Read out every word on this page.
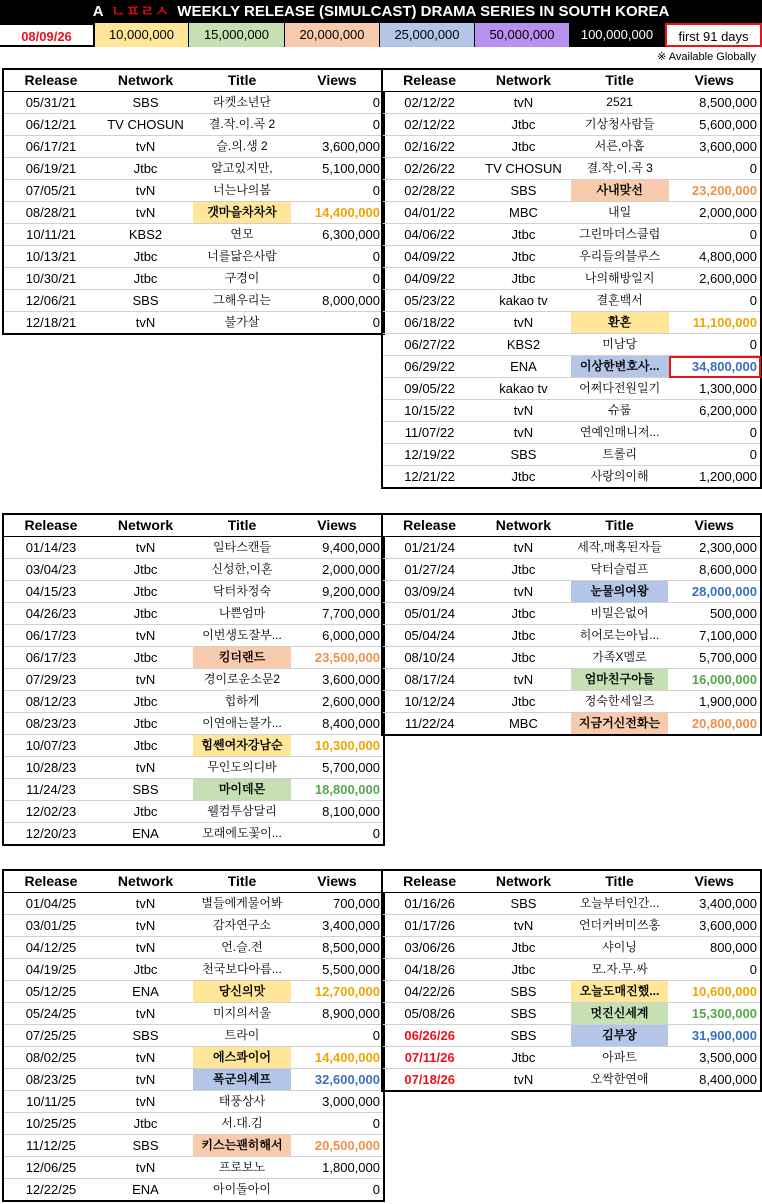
A ㄴㅍㄹㅅ WEEKLY RELEASE (SIMULCAST) DRAMA SERIES IN SOUTH KOREA
08/09/26	10,000,000	15,000,000	20,000,000	25,000,000	50,000,000	100,000,000	first 91 days
※ Available Globally
Release	Network	Title	Views
05/31/21	SBS	라켓소년단	0
06/12/21	TV CHOSUN	결.작.이.곡 2	0
06/17/21	tvN	슬.의.생 2	3,600,000
06/19/21	Jtbc	알고있지만,	5,100,000
07/05/21	tvN	너는나의봄	0
08/28/21	tvN	갯마을차차차	14,400,000
10/11/21	KBS2	연모	6,300,000
10/13/21	Jtbc	너를닮은사람	0
10/30/21	Jtbc	구경이	0
12/06/21	SBS	그해우리는	8,000,000
12/18/21	tvN	불가살	0
Release	Network	Title	Views
02/12/22	tvN	2521	8,500,000
02/12/22	Jtbc	기상청사람들	5,600,000
02/16/22	Jtbc	서른,아홉	3,600,000
02/26/22	TV CHOSUN	결.작.이.곡 3	0
02/28/22	SBS	사내맞선	23,200,000
04/01/22	MBC	내일	2,000,000
04/06/22	Jtbc	그린마더스클럽	0
04/09/22	Jtbc	우리들의블루스	4,800,000
04/09/22	Jtbc	나의해방일지	2,600,000
05/23/22	kakao tv	결혼백서	0
06/18/22	tvN	환혼	11,100,000
06/27/22	KBS2	미남당	0
06/29/22	ENA	이상한변호사...	34,800,000
09/05/22	kakao tv	어쩌다전원일기	1,300,000
10/15/22	tvN	슈룹	6,200,000
11/07/22	tvN	연예인매니저...	0
12/19/22	SBS	트롤리	0
12/21/22	Jtbc	사랑의이해	1,200,000
Release	Network	Title	Views
01/14/23	tvN	일타스캔들	9,400,000
03/04/23	Jtbc	신성한,이혼	2,000,000
04/15/23	Jtbc	닥터차정숙	9,200,000
04/26/23	Jtbc	나쁜엄마	7,700,000
06/17/23	tvN	이번생도잘부...	6,000,000
06/17/23	Jtbc	킹더랜드	23,500,000
07/29/23	tvN	경이로운소문2	3,600,000
08/12/23	Jtbc	힙하게	2,600,000
08/23/23	Jtbc	이연애는불가...	8,400,000
10/07/23	Jtbc	힘쎈여자강남순	10,300,000
10/28/23	tvN	무인도의디바	5,700,000
11/24/23	SBS	마이데몬	18,800,000
12/02/23	Jtbc	웰컴투삼달리	8,100,000
12/20/23	ENA	모래에도꽃이...	0
Release	Network	Title	Views
01/21/24	tvN	세작,매혹된자들	2,300,000
01/27/24	Jtbc	닥터슬럼프	8,600,000
03/09/24	tvN	눈물의여왕	28,000,000
05/01/24	Jtbc	비밀은없어	500,000
05/04/24	Jtbc	히어로는아닙...	7,100,000
08/10/24	Jtbc	가족X멜로	5,700,000
08/17/24	tvN	엄마친구아들	16,000,000
10/12/24	Jtbc	정숙한세일즈	1,900,000
11/22/24	MBC	지금거신전화는	20,800,000
Release	Network	Title	Views
01/04/25	tvN	별들에게물어봐	700,000
03/01/25	tvN	감자연구소	3,400,000
04/12/25	tvN	언.슬.전	8,500,000
04/19/25	Jtbc	천국보다아름...	5,500,000
05/12/25	ENA	당신의맛	12,700,000
05/24/25	tvN	미지의서울	8,900,000
07/25/25	SBS	트라이	0
08/02/25	tvN	에스콰이어	14,400,000
08/23/25	tvN	폭군의셰프	32,600,000
10/11/25	tvN	태풍상사	3,000,000
10/25/25	Jtbc	서.대.김	0
11/12/25	SBS	키스는괜히해서	20,500,000
12/06/25	tvN	프로보노	1,800,000
12/22/25	ENA	아이돌아이	0
Release	Network	Title	Views
01/16/26	SBS	오늘부터인간...	3,400,000
01/17/26	tvN	언더커버미쓰홍	3,600,000
03/06/26	Jtbc	샤이닝	800,000
04/18/26	Jtbc	모.자.무.싸	0
04/22/26	SBS	오늘도매진했...	10,600,000
05/08/26	SBS	멋진신세계	15,300,000
06/26/26	SBS	김부장	31,900,000
07/11/26	Jtbc	아파트	3,500,000
07/18/26	tvN	오싹한연애	8,400,000
